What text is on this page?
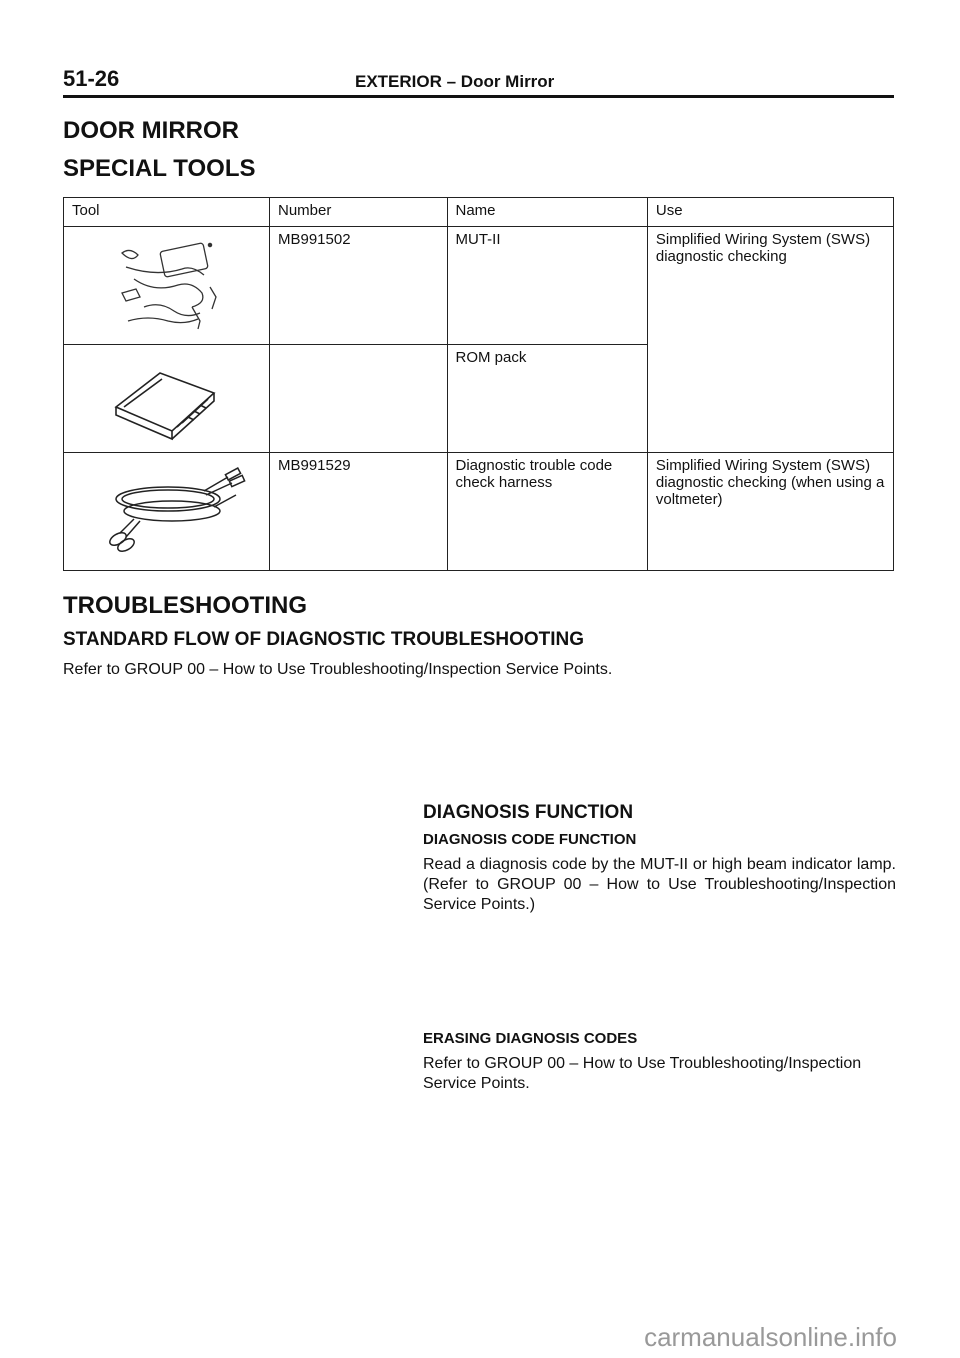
51-26	EXTERIOR – Door Mirror
DOOR MIRROR
SPECIAL TOOLS
Tool	Number	Name	Use

	MB991502	MUT-II	Simplified Wiring System (SWS) diagnostic checking

		ROM pack	

	MB991529	Diagnostic trouble code check harness	Simplified Wiring System (SWS) diagnostic checking (when using a voltmeter)
TROUBLESHOOTING
STANDARD FLOW OF DIAGNOSTIC TROUBLESHOOTING
Refer to GROUP 00 – How to Use Troubleshooting/Inspection Service Points.
DIAGNOSIS FUNCTION
DIAGNOSIS CODE FUNCTION
Read a diagnosis code by the MUT-II or high beam indicator lamp. (Refer to GROUP 00 – How to Use Troubleshooting/Inspection Service Points.)
ERASING DIAGNOSIS CODES
Refer to GROUP 00 – How to Use Troubleshooting/Inspection Service Points.
carmanualsonline.info
